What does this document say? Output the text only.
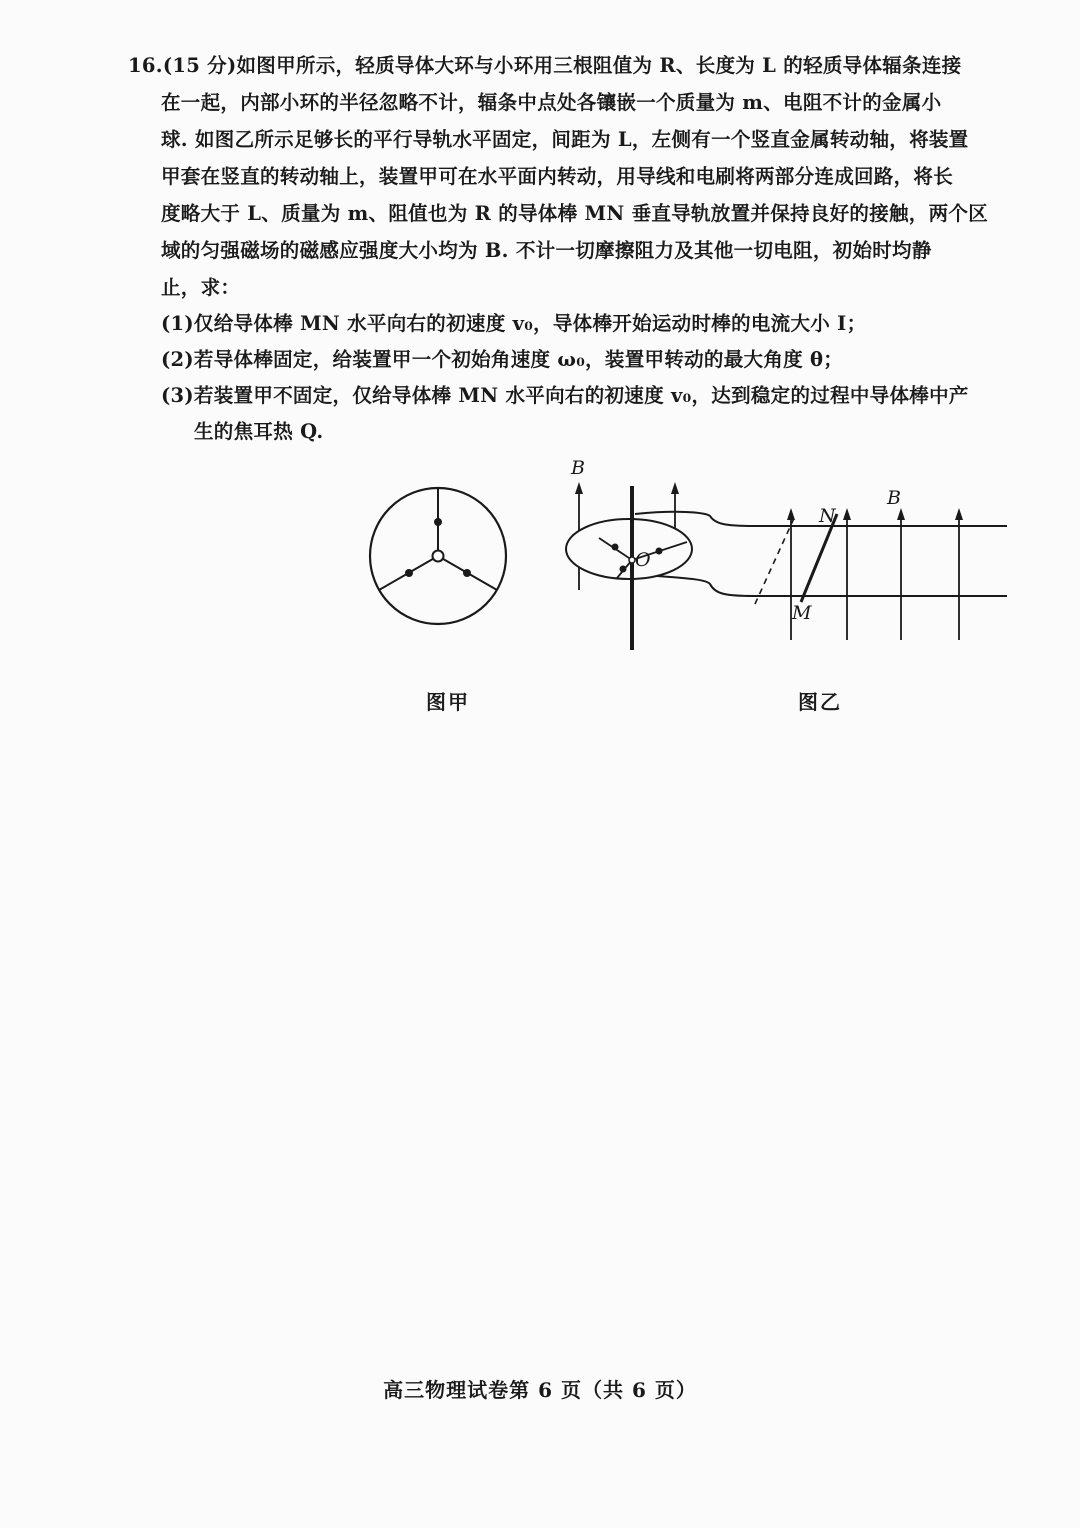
16.(15 分)如图甲所示，轻质导体大环与小环用三根阻值为 R、长度为 L 的轻质导体辐条连接
在一起，内部小环的半径忽略不计，辐条中点处各镶嵌一个质量为 m、电阻不计的金属小
球. 如图乙所示足够长的平行导轨水平固定，间距为 L，左侧有一个竖直金属转动轴，将装置
甲套在竖直的转动轴上，装置甲可在水平面内转动，用导线和电刷将两部分连成回路，将长
度略大于 L、质量为 m、阻值也为 R 的导体棒 MN 垂直导轨放置并保持良好的接触，两个区
域的匀强磁场的磁感应强度大小均为 B. 不计一切摩擦阻力及其他一切电阻，初始时均静
止，求：
(1)仅给导体棒 MN 水平向右的初速度 v₀，导体棒开始运动时棒的电流大小 I；
(2)若导体棒固定，给装置甲一个初始角速度 ω₀，装置甲转动的最大角度 θ；
(3)若装置甲不固定，仅给导体棒 MN 水平向右的初速度 v₀，达到稳定的过程中导体棒中产
生的焦耳热 Q.
图甲
B
O
N
M
B
图乙
高三物理试卷第 6 页（共 6 页）
